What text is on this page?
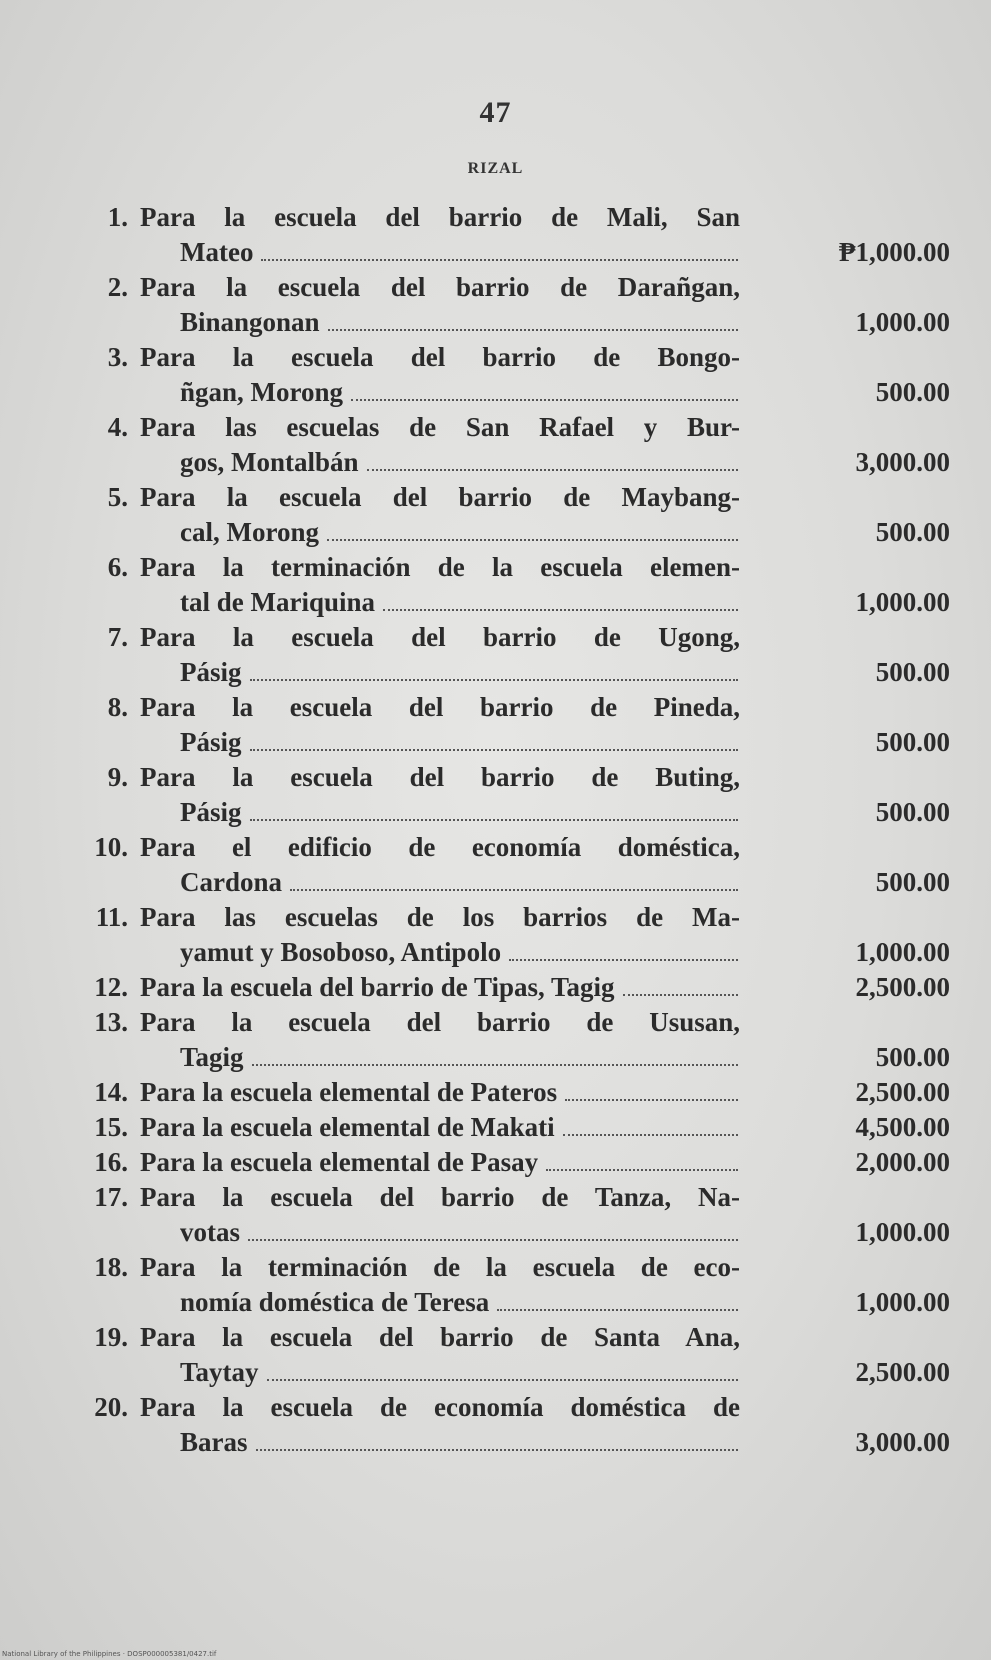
47
RIZAL
1. Para la escuela del barrio de Mali, San
Mateo	₱1,000.00
2. Para la escuela del barrio de Darañgan,
Binangonan	1,000.00
3. Para la escuela del barrio de Bongo-
ñgan, Morong	500.00
4. Para las escuelas de San Rafael y Bur-
gos, Montalbán	3,000.00
5. Para la escuela del barrio de Maybang-
cal, Morong	500.00
6. Para la terminación de la escuela elemen-
tal de Mariquina	1,000.00
7. Para la escuela del barrio de Ugong,
Pásig	500.00
8. Para la escuela del barrio de Pineda,
Pásig	500.00
9. Para la escuela del barrio de Buting,
Pásig	500.00
10. Para el edificio de economía doméstica,
Cardona	500.00
11. Para las escuelas de los barrios de Ma-
yamut y Bosoboso, Antipolo	1,000.00
12. Para la escuela del barrio de Tipas, Tagig	2,500.00
13. Para la escuela del barrio de Ususan,
Tagig	500.00
14. Para la escuela elemental de Pateros	2,500.00
15. Para la escuela elemental de Makati	4,500.00
16. Para la escuela elemental de Pasay	2,000.00
17. Para la escuela del barrio de Tanza, Na-
votas	1,000.00
18. Para la terminación de la escuela de eco-
nomía doméstica de Teresa	1,000.00
19. Para la escuela del barrio de Santa Ana,
Taytay	2,500.00
20. Para la escuela de economía doméstica de
Baras	3,000.00
National Library of the Philippines · DOSP000005381/0427.tif
